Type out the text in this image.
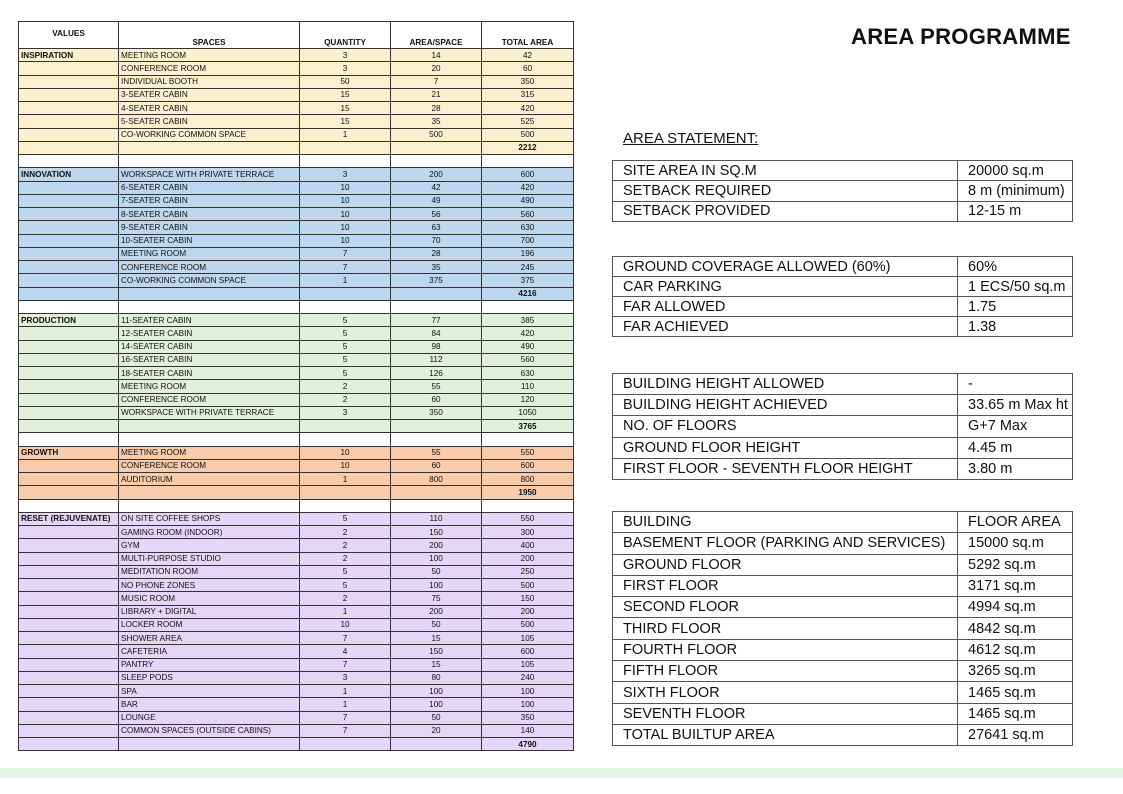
AREA PROGRAMME
VALUES	SPACES	QUANTITY	AREA/SPACE	TOTAL AREA
INSPIRATION	MEETING ROOM	3	14	42
	CONFERENCE ROOM	3	20	60
	INDIVIDUAL BOOTH	50	7	350
	3-SEATER CABIN	15	21	315
	4-SEATER CABIN	15	28	420
	5-SEATER CABIN	15	35	525
	CO-WORKING COMMON SPACE	1	500	500
				2212

INNOVATION	WORKSPACE WITH PRIVATE TERRACE	3	200	600
	6-SEATER CABIN	10	42	420
	7-SEATER CABIN	10	49	490
	8-SEATER CABIN	10	56	560
	9-SEATER CABIN	10	63	630
	10-SEATER CABIN	10	70	700
	MEETING ROOM	7	28	196
	CONFERENCE ROOM	7	35	245
	CO-WORKING COMMON SPACE	1	375	375
				4216

PRODUCTION	11-SEATER CABIN	5	77	385
	12-SEATER CABIN	5	84	420
	14-SEATER CABIN	5	98	490
	16-SEATER CABIN	5	112	560
	18-SEATER CABIN	5	126	630
	MEETING ROOM	2	55	110
	CONFERENCE ROOM	2	60	120
	WORKSPACE WITH PRIVATE TERRACE	3	350	1050
				3765

GROWTH	MEETING ROOM	10	55	550
	CONFERENCE ROOM	10	60	600
	AUDITORIUM	1	800	800
				1950

RESET (REJUVENATE)	ON SITE COFFEE SHOPS	5	110	550
	GAMING ROOM (INDOOR)	2	150	300
	GYM	2	200	400
	MULTI-PURPOSE STUDIO	2	100	200
	MEDITATION ROOM	5	50	250
	NO PHONE ZONES	5	100	500
	MUSIC ROOM	2	75	150
	LIBRARY + DIGITAL	1	200	200
	LOCKER ROOM	10	50	500
	SHOWER AREA	7	15	105
	CAFETERIA	4	150	600
	PANTRY	7	15	105
	SLEEP PODS	3	80	240
	SPA	1	100	100
	BAR	1	100	100
	LOUNGE	7	50	350
	COMMON SPACES (OUTSIDE CABINS)	7	20	140
				4790
AREA STATEMENT:
SITE AREA IN SQ.M	20000 sq.m
SETBACK REQUIRED	8 m (minimum)
SETBACK PROVIDED	12-15 m
GROUND COVERAGE ALLOWED (60%)	60%
CAR PARKING	1 ECS/50 sq.m
FAR ALLOWED	1.75
FAR ACHIEVED	1.38
BUILDING HEIGHT ALLOWED	-
BUILDING HEIGHT ACHIEVED	33.65 m Max ht
NO. OF FLOORS	G+7 Max
GROUND FLOOR HEIGHT	4.45 m
FIRST FLOOR - SEVENTH FLOOR HEIGHT	3.80 m
BUILDING	FLOOR AREA
BASEMENT FLOOR (PARKING AND SERVICES)	15000 sq.m
GROUND FLOOR	5292 sq.m
FIRST FLOOR	3171 sq.m
SECOND FLOOR	4994 sq.m
THIRD FLOOR	4842 sq.m
FOURTH FLOOR	4612 sq.m
FIFTH FLOOR	3265 sq.m
SIXTH FLOOR	1465 sq.m
SEVENTH FLOOR	1465 sq.m
TOTAL BUILTUP AREA	27641 sq.m
